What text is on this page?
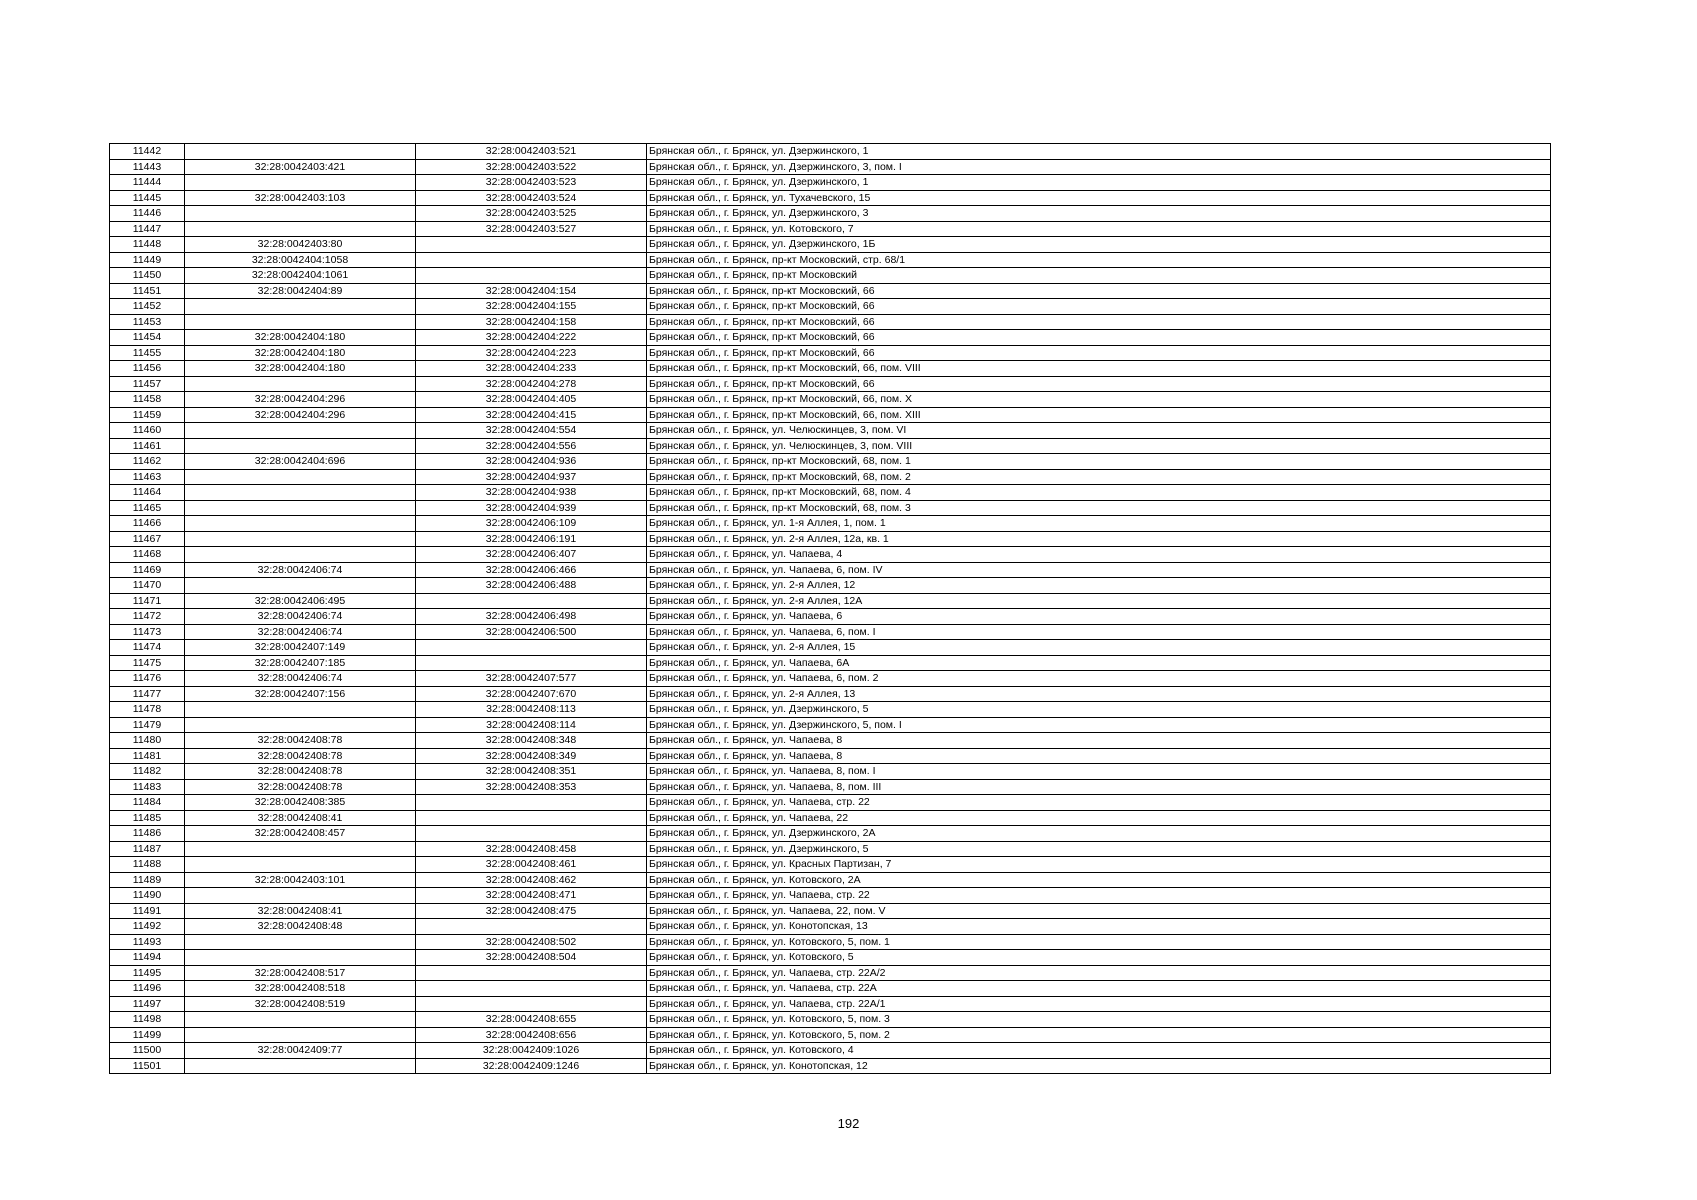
11442		32:28:0042403:521	Брянская обл., г. Брянск, ул. Дзержинского, 1
11443	32:28:0042403:421	32:28:0042403:522	Брянская обл., г. Брянск, ул. Дзержинского, 3, пом. I
11444		32:28:0042403:523	Брянская обл., г. Брянск, ул. Дзержинского, 1
11445	32:28:0042403:103	32:28:0042403:524	Брянская обл., г. Брянск, ул. Тухачевского, 15
11446		32:28:0042403:525	Брянская обл., г. Брянск, ул. Дзержинского, 3
11447		32:28:0042403:527	Брянская обл., г. Брянск, ул. Котовского, 7
11448	32:28:0042403:80		Брянская обл., г. Брянск, ул. Дзержинского, 1Б
11449	32:28:0042404:1058		Брянская обл., г. Брянск, пр-кт Московский, стр. 68/1
11450	32:28:0042404:1061		Брянская обл., г. Брянск, пр-кт Московский
11451	32:28:0042404:89	32:28:0042404:154	Брянская обл., г. Брянск, пр-кт Московский, 66
11452		32:28:0042404:155	Брянская обл., г. Брянск, пр-кт Московский, 66
11453		32:28:0042404:158	Брянская обл., г. Брянск, пр-кт Московский, 66
11454	32:28:0042404:180	32:28:0042404:222	Брянская обл., г. Брянск, пр-кт Московский, 66
11455	32:28:0042404:180	32:28:0042404:223	Брянская обл., г. Брянск, пр-кт Московский, 66
11456	32:28:0042404:180	32:28:0042404:233	Брянская обл., г. Брянск, пр-кт Московский, 66, пом. VIII
11457		32:28:0042404:278	Брянская обл., г. Брянск, пр-кт Московский, 66
11458	32:28:0042404:296	32:28:0042404:405	Брянская обл., г. Брянск, пр-кт Московский, 66, пом. X
11459	32:28:0042404:296	32:28:0042404:415	Брянская обл., г. Брянск, пр-кт Московский, 66, пом. XIII
11460		32:28:0042404:554	Брянская обл., г. Брянск, ул. Челюскинцев, 3, пом. VI
11461		32:28:0042404:556	Брянская обл., г. Брянск, ул. Челюскинцев, 3, пом. VIII
11462	32:28:0042404:696	32:28:0042404:936	Брянская обл., г. Брянск, пр-кт Московский, 68, пом. 1
11463		32:28:0042404:937	Брянская обл., г. Брянск, пр-кт Московский, 68, пом. 2
11464		32:28:0042404:938	Брянская обл., г. Брянск, пр-кт Московский, 68, пом. 4
11465		32:28:0042404:939	Брянская обл., г. Брянск, пр-кт Московский, 68, пом. 3
11466		32:28:0042406:109	Брянская обл., г. Брянск, ул. 1-я Аллея, 1, пом. 1
11467		32:28:0042406:191	Брянская обл., г. Брянск, ул. 2-я Аллея, 12а, кв. 1
11468		32:28:0042406:407	Брянская обл., г. Брянск, ул. Чапаева, 4
11469	32:28:0042406:74	32:28:0042406:466	Брянская обл., г. Брянск, ул. Чапаева, 6, пом. IV
11470		32:28:0042406:488	Брянская обл., г. Брянск, ул. 2-я Аллея, 12
11471	32:28:0042406:495		Брянская обл., г. Брянск, ул. 2-я Аллея, 12А
11472	32:28:0042406:74	32:28:0042406:498	Брянская обл., г. Брянск, ул. Чапаева, 6
11473	32:28:0042406:74	32:28:0042406:500	Брянская обл., г. Брянск, ул. Чапаева, 6, пом. I
11474	32:28:0042407:149		Брянская обл., г. Брянск, ул. 2-я Аллея, 15
11475	32:28:0042407:185		Брянская обл., г. Брянск, ул. Чапаева, 6А
11476	32:28:0042406:74	32:28:0042407:577	Брянская обл., г. Брянск, ул. Чапаева, 6, пом. 2
11477	32:28:0042407:156	32:28:0042407:670	Брянская обл., г. Брянск, ул. 2-я Аллея, 13
11478		32:28:0042408:113	Брянская обл., г. Брянск, ул. Дзержинского, 5
11479		32:28:0042408:114	Брянская обл., г. Брянск, ул. Дзержинского, 5, пом. I
11480	32:28:0042408:78	32:28:0042408:348	Брянская обл., г. Брянск, ул. Чапаева, 8
11481	32:28:0042408:78	32:28:0042408:349	Брянская обл., г. Брянск, ул. Чапаева, 8
11482	32:28:0042408:78	32:28:0042408:351	Брянская обл., г. Брянск, ул. Чапаева, 8, пом. I
11483	32:28:0042408:78	32:28:0042408:353	Брянская обл., г. Брянск, ул. Чапаева, 8, пом. III
11484	32:28:0042408:385		Брянская обл., г. Брянск, ул. Чапаева, стр. 22
11485	32:28:0042408:41		Брянская обл., г. Брянск, ул. Чапаева, 22
11486	32:28:0042408:457		Брянская обл., г. Брянск, ул. Дзержинского, 2А
11487		32:28:0042408:458	Брянская обл., г. Брянск, ул. Дзержинского, 5
11488		32:28:0042408:461	Брянская обл., г. Брянск, ул. Красных Партизан, 7
11489	32:28:0042403:101	32:28:0042408:462	Брянская обл., г. Брянск, ул. Котовского, 2А
11490		32:28:0042408:471	Брянская обл., г. Брянск, ул. Чапаева, стр. 22
11491	32:28:0042408:41	32:28:0042408:475	Брянская обл., г. Брянск, ул. Чапаева, 22, пом. V
11492	32:28:0042408:48		Брянская обл., г. Брянск, ул. Конотопская, 13
11493		32:28:0042408:502	Брянская обл., г. Брянск, ул. Котовского, 5, пом. 1
11494		32:28:0042408:504	Брянская обл., г. Брянск, ул. Котовского, 5
11495	32:28:0042408:517		Брянская обл., г. Брянск, ул. Чапаева, стр. 22А/2
11496	32:28:0042408:518		Брянская обл., г. Брянск, ул. Чапаева, стр. 22А
11497	32:28:0042408:519		Брянская обл., г. Брянск, ул. Чапаева, стр. 22А/1
11498		32:28:0042408:655	Брянская обл., г. Брянск, ул. Котовского, 5, пом. 3
11499		32:28:0042408:656	Брянская обл., г. Брянск, ул. Котовского, 5, пом. 2
11500	32:28:0042409:77	32:28:0042409:1026	Брянская обл., г. Брянск, ул. Котовского, 4
11501		32:28:0042409:1246	Брянская обл., г. Брянск, ул. Конотопская, 12
192
